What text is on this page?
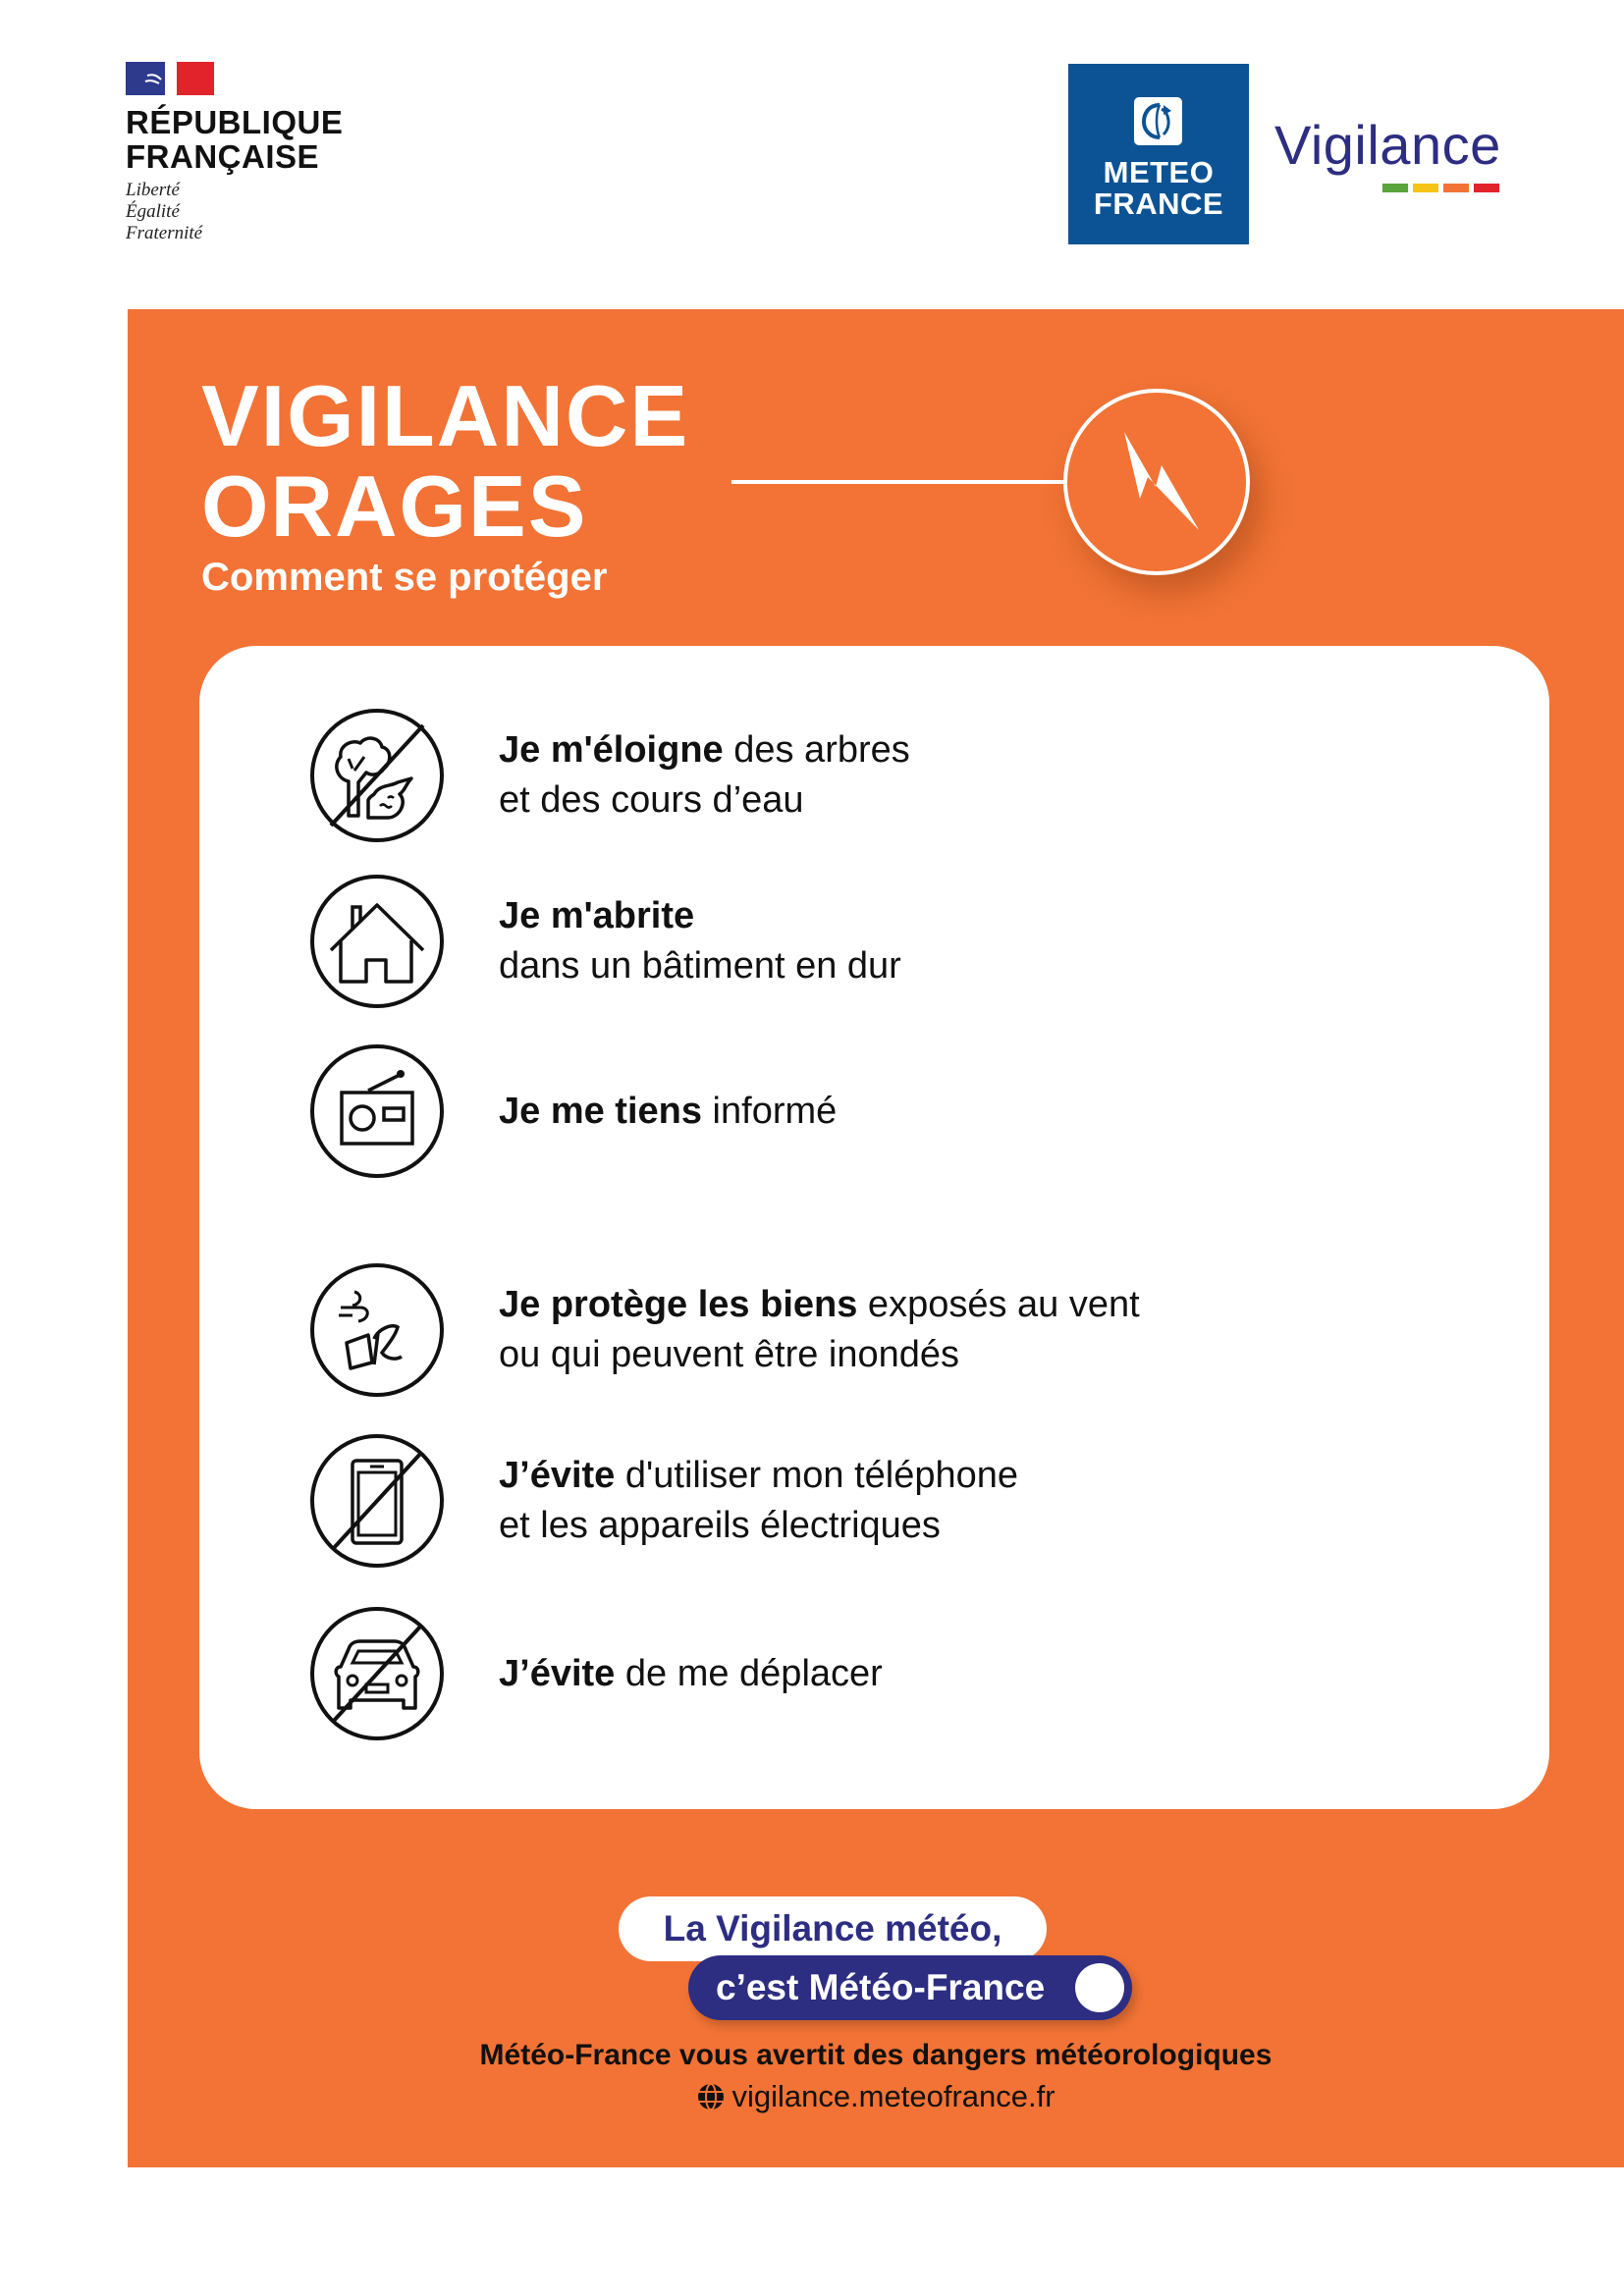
RÉPUBLIQUE
FRANÇAISE
Liberté
Égalité
Fraternité
METEO
FRANCE
Vigilance
VIGILANCE
ORAGES
Comment se protéger
Je m'éloigne des arbres
et des cours d’eau
Je m'abrite
dans un bâtiment en dur
Je me tiens informé
Je protège les biens exposés au vent
ou qui peuvent être inondés
J’évite d'utiliser mon téléphone
et les appareils électriques
J’évite de me déplacer
La Vigilance météo,
c’est Météo-France
Météo-France vous avertit des dangers météorologiques
vigilance.meteofrance.fr
